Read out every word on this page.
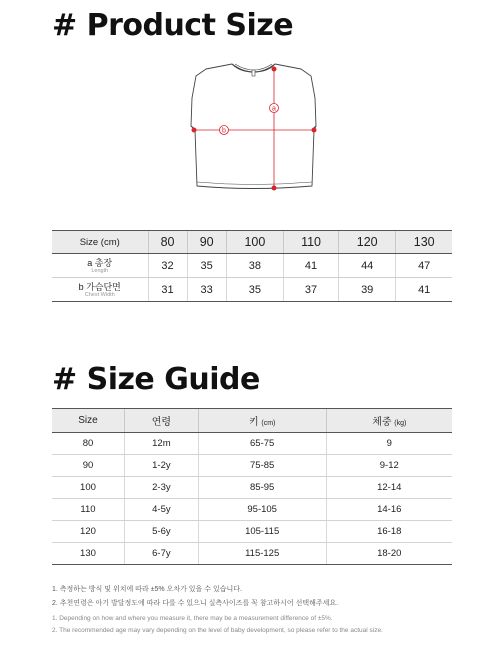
# Product Size
a
b
Size (cm)	80	90	100	110	120	130

a 총장
Length	32	35	38	41	44	47

b 가슴단면
Chest Width	31	33	35	37	39	41
# Size Guide
Size	연령	키 (cm)	체중 (kg)
80	12m	65-75	9
90	1-2y	75-85	9-12
100	2-3y	85-95	12-14
110	4-5y	95-105	14-16
120	5-6y	105-115	16-18
130	6-7y	115-125	18-20
1. 측정하는 방식 및 위치에 따라 ±5% 오차가 있을 수 있습니다.
2. 추천연령은 아기 발달정도에 따라 다를 수 있으니 실측사이즈를 꼭 참고하시어 선택해주세요.
1. Depending on how and where you measure it, there may be a measurement difference of ±5%.
2. The recommended age may vary depending on the level of baby development, so please refer to the actual size.
